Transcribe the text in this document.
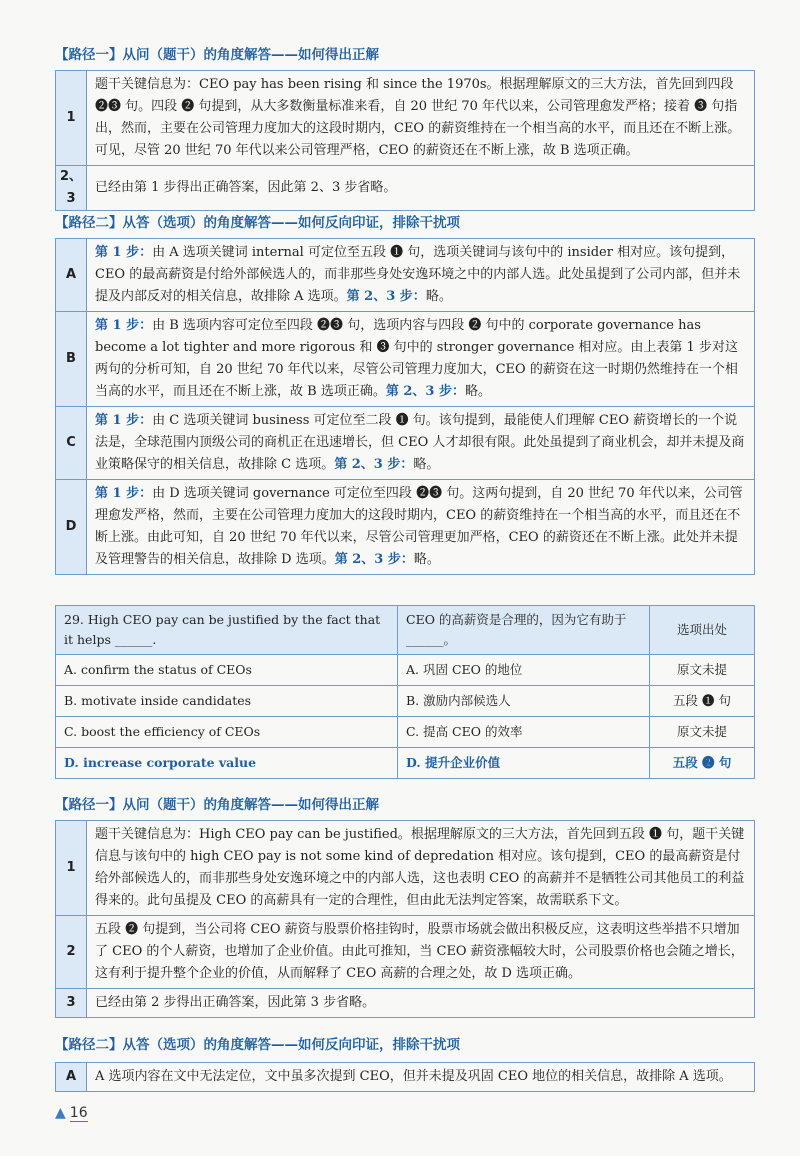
【路径一】从问（题干）的角度解答——如何得出正解

1	题干关键信息为：CEO pay has been rising 和 since the 1970s。根据理解原文的三大方法，首先回到四段 ❷❸ 句。四段 ❷ 句提到，从大多数衡量标准来看，自 20 世纪 70 年代以来，公司管理愈发严格；接着 ❸ 句指出，然而，主要在公司管理力度加大的这段时期内，CEO 的薪资维持在一个相当高的水平，而且还在不断上涨。可见，尽管 20 世纪 70 年代以来公司管理严格，CEO 的薪资还在不断上涨，故 B 选项正确。
2、3	已经由第 1 步得出正确答案，因此第 2、3 步省略。

【路径二】从答（选项）的角度解答——如何反向印证，排除干扰项

A	第 1 步：由 A 选项关键词 internal 可定位至五段 ❶ 句，选项关键词与该句中的 insider 相对应。该句提到，CEO 的最高薪资是付给外部候选人的，而非那些身处安逸环境之中的内部人选。此处虽提到了公司内部，但并未提及内部反对的相关信息，故排除 A 选项。第 2、3 步：略。
B	第 1 步：由 B 选项内容可定位至四段 ❷❸ 句，选项内容与四段 ❷ 句中的 corporate governance has become a lot tighter and more rigorous 和 ❸ 句中的 stronger governance 相对应。由上表第 1 步对这两句的分析可知，自 20 世纪 70 年代以来，尽管公司管理力度加大，CEO 的薪资在这一时期仍然维持在一个相当高的水平，而且还在不断上涨，故 B 选项正确。第 2、3 步：略。
C	第 1 步：由 C 选项关键词 business 可定位至二段 ❶ 句。该句提到，最能使人们理解 CEO 薪资增长的一个说法是，全球范围内顶级公司的商机正在迅速增长，但 CEO 人才却很有限。此处虽提到了商业机会，却并未提及商业策略保守的相关信息，故排除 C 选项。第 2、3 步：略。
D	第 1 步：由 D 选项关键词 governance 可定位至四段 ❷❸ 句。这两句提到，自 20 世纪 70 年代以来，公司管理愈发严格，然而，主要在公司管理力度加大的这段时期内，CEO 的薪资维持在一个相当高的水平，而且还在不断上涨。由此可知，自 20 世纪 70 年代以来，尽管公司管理更加严格，CEO 的薪资还在不断上涨。此处并未提及管理警告的相关信息，故排除 D 选项。第 2、3 步：略。
29. High CEO pay can be justified by the fact that it helps ______.	CEO 的高薪资是合理的，因为它有助于______。	选项出处
A. confirm the status of CEOs	A. 巩固 CEO 的地位	原文未提
B. motivate inside candidates	B. 激励内部候选人	五段 ❶ 句
C. boost the efficiency of CEOs	C. 提高 CEO 的效率	原文未提
D. increase corporate value	D. 提升企业价值	五段 ❷ 句

【路径一】从问（题干）的角度解答——如何得出正解

1	题干关键信息为：High CEO pay can be justified。根据理解原文的三大方法，首先回到五段 ❶ 句，题干关键信息与该句中的 high CEO pay is not some kind of depredation 相对应。该句提到，CEO 的最高薪资是付给外部候选人的，而非那些身处安逸环境之中的内部人选，这也表明 CEO 的高薪并不是牺牲公司其他员工的利益得来的。此句虽提及 CEO 的高薪具有一定的合理性，但由此无法判定答案，故需联系下文。
2	五段 ❷ 句提到，当公司将 CEO 薪资与股票价格挂钩时，股票市场就会做出积极反应，这表明这些举措不只增加了 CEO 的个人薪资，也增加了企业价值。由此可推知，当 CEO 薪资涨幅较大时，公司股票价格也会随之增长，这有利于提升整个企业的价值，从而解释了 CEO 高薪的合理之处，故 D 选项正确。
3	已经由第 2 步得出正确答案，因此第 3 步省略。

【路径二】从答（选项）的角度解答——如何反向印证，排除干扰项

A	A 选项内容在文中无法定位，文中虽多次提到 CEO，但并未提及巩固 CEO 地位的相关信息，故排除 A 选项。
▲ 16
